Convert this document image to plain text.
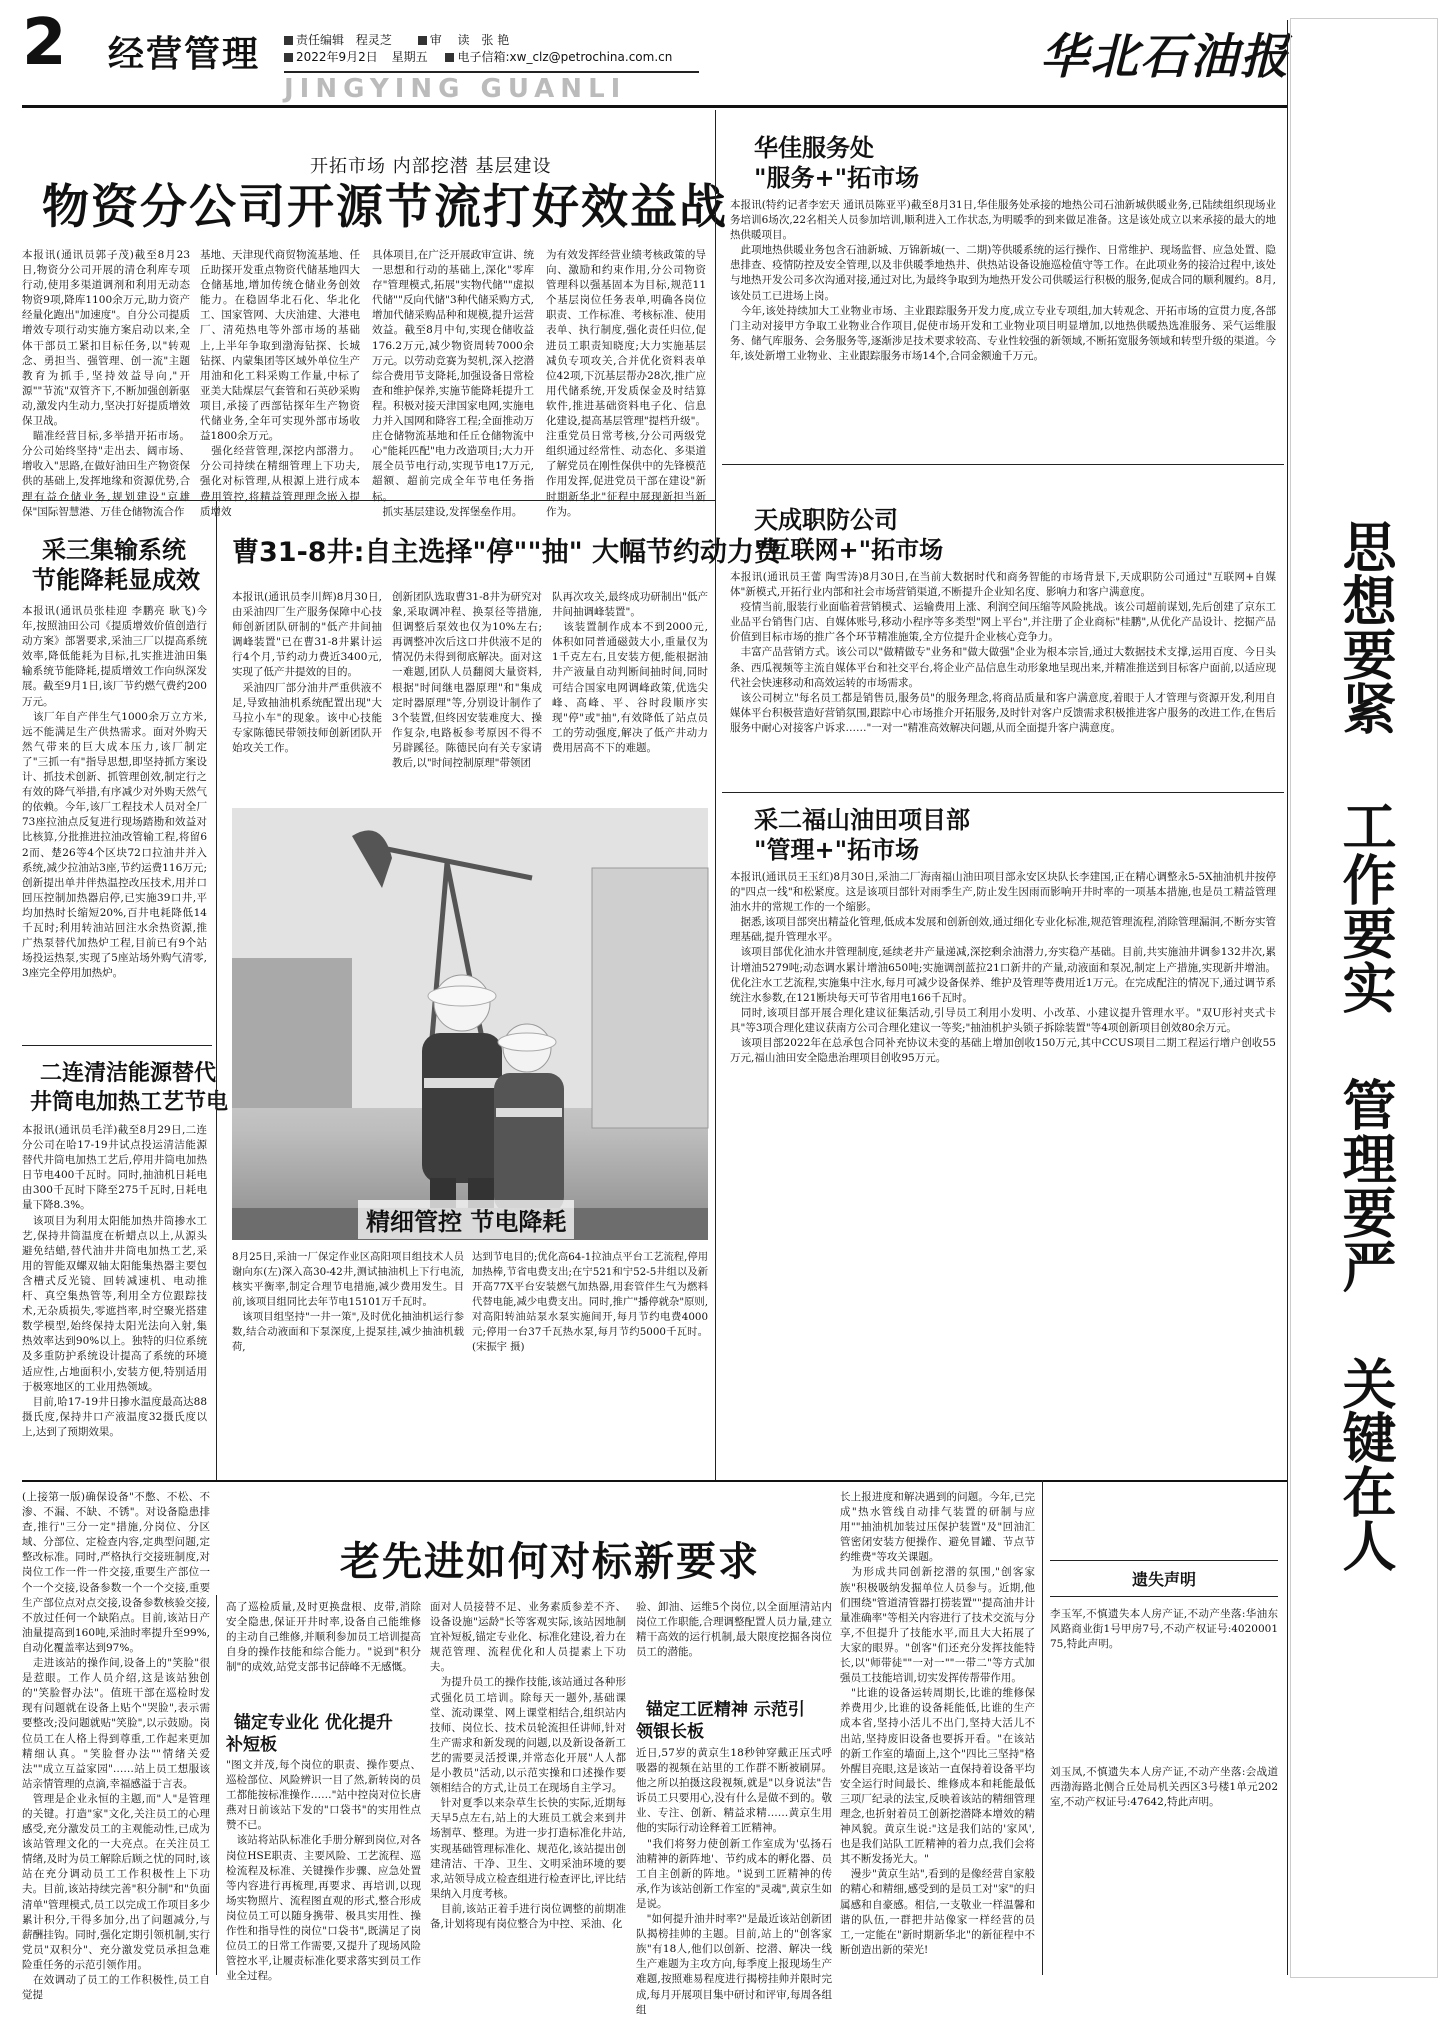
2 经营管理	责任编辑 程灵芝	审 读 张 艳
2022年9月2日 星期五 电子信箱:xw_clz@petrochina.com.cn
JINGYING GUANLI
华北石油报
思想要紧 工作要实 管理要严 关键在人
开拓市场 内部挖潜 基层建设
物资分公司开源节流打好效益战
本报讯(通讯员郭子茂)截至8月23日,物资分公司开展的清仓利库专项行动,使用多渠道调剂和利用无动态物资9项,降库1100余万元,助力资产经量化跑出"加速度"。自分公司提质增效专项行动实施方案启动以来,全体干部员工紧扣目标任务,以"转观念、勇担当、强管理、创一流"主题教育为抓手,坚持效益导向,"开源""节流"双管齐下,不断加强创新驱动,激发内生动力,坚决打好提质增效保卫战。
　瞄准经营目标,多举措开拓市场。分公司始终坚持"走出去、阔市场、增收入"思路,在做好油田生产物资保供的基础上,发挥地缘和资源优势,合理有益仓储业务,规划建设"京雄保"国际智慧港、万佳仓储物流合作
基地、天津现代商贸物流基地、任丘助探开发重点物资代储基地四大仓储基地,增加传统仓储业务创效能力。在稳固华北石化、华北化工、国家管网、大庆油建、大港电厂、清苑热电等外部市场的基础上,上半年争取到渤海钻探、长城钻探、内蒙集团等区域外单位生产用油和化工料采购工作量,中标了亚美大陆煤层气套管和石英砂采购项目,承接了西部钻探年生产物资代储业务,全年可实现外部市场收益1800余万元。
　强化经营管理,深挖内部潜力。分公司持续在精细管理上下功夫,强化对标管理,从根源上进行成本费用管控,将精益管理理念嵌入提质增效
具体项目,在广泛开展政审宣讲、统一思想和行动的基础上,深化"零库存"管理模式,拓展"实物代储""虚拟代储""反向代储"3种代储采购方式,增加代储采购品种和规模,提升运营效益。截至8月中旬,实现仓储收益176.2万元,减少物资周转7000余万元。以劳动竞赛为契机,深入挖潜综合费用节支降耗,加强设备日常检查和维护保养,实施节能降耗提升工程。积极对接天津国家电网,实施电力并入国网和降容工程;全面推动万庄仓储物流基地和任丘仓储物流中心"能耗匹配"电力改造项目;大力开展全员节电行动,实现节电17万元,超额、超前完成全年节电任务指标。
　抓实基层建设,发挥堡垒作用。
为有效发挥经营业绩考核政策的导向、激励和约束作用,分公司物资管理科以强基固本为目标,规范11个基层岗位任务表单,明确各岗位职责、工作标准、考核标准、使用表单、执行制度,强化责任归位,促进员工职责知晓度;大力实施基层减负专项攻关,合并优化资料表单位42项,下沉基层帮办28次,推广应用代储系统,开发质保金及时结算软件,推进基础资料电子化、信息化建设,提高基层管理"提档升级"。注重党员日常考核,分公司两级党组织通过经常性、动态化、多渠道了解党员在刚性保供中的先锋模范作用发挥,促进党员干部在建设"新时期新华北"征程中展现新担当新作为。
采三集输系统
节能降耗显成效
本报讯(通讯员张桂迎 李鹏亮 耿飞)今年,按照油田公司《提质增效价值创造行动方案》部署要求,采油三厂以提高系统效率,降低能耗为目标,扎实推进油田集输系统节能降耗,提质增效工作向纵深发展。截至9月1日,该厂节约燃气费约200万元。
　该厂年自产伴生气1000余万立方米,远不能满足生产供热需求。面对外购天然气带来的巨大成本压力,该厂制定了"三抓一有"指导思想,即坚持抓方案设计、抓技术创新、抓管理创效,制定行之有效的降气举措,有序减少对外购天然气的依赖。今年,该厂工程技术人员对全厂73座拉油点反复进行现场踏勘和效益对比核算,分批推进拉油改管输工程,将留62而、楚26等4个区块72口拉油井并入系统,减少拉油站3座,节约运费116万元;创新提出单井伴热温控改压技术,用并口回压控制加热器启停,已实施39口井,平均加热时长缩短20%,百井电耗降低14千瓦时;利用转油站回注水余热资源,推广热泵替代加热炉工程,目前已有9个站场投运热泵,实现了5座站场外购气清零,3座完全停用加热炉。
二连清洁能源替代
井筒电加热工艺节电
本报讯(通讯员毛洋)截至8月29日,二连分公司在哈17-19井试点投运清洁能源替代井筒电加热工艺后,停用井筒电加热日节电400千瓦时。同时,抽油机日耗电由300千瓦时下降至275千瓦时,日耗电量下降8.3%。
　该项目为利用太阳能加热井筒掺水工艺,保持井筒温度在析蜡点以上,从源头避免结蜡,替代油井井筒电加热工艺,采用的智能双螺双轴太阳能集热器主要包含槽式反光镜、回转减速机、电动推杆、真空集热管等,利用全方位跟踪技术,无杂质损失,零遮挡率,时空聚光搭建数学模型,始终保持太阳光法向入射,集热效率达到90%以上。独特的归位系统及多重防护系统设计提高了系统的环境适应性,占地面积小,安装方便,特别适用于极寒地区的工业用热领域。
　目前,哈17-19井日掺水温度最高达88摄氏度,保持井口产液温度32摄氏度以上,达到了预期效果。
曹31-8井:自主选择"停""抽" 大幅节约动力费
本报讯(通讯员李川辉)8月30日,由采油四厂生产服务保障中心技师创新团队研制的"低产井间抽调峰装置"已在曹31-8井累计运行4个月,节约动力费近3400元,实现了低产井提效的目的。
　采油四厂部分油井严重供液不足,导致抽油机系统配置出现"大马拉小车"的现象。该中心技能专家陈德民带领技师创新团队开始攻关工作。
创新团队选取曹31-8井为研究对象,采取调冲程、换泵径等措施,但调整后泵效也仅为10%左右;再调整冲次后这口井供液不足的情况仍未得到彻底解决。面对这一难题,团队人员翻阅大量资料,根据"时间继电器原理"和"集成定时器原理"等,分别设计制作了3个装置,但终因安装难度大、操作复杂,电路板参考原因不得不另辟蹊径。陈德民向有关专家请教后,以"时间控制原理"带领团
队再次攻关,最终成功研制出"低产井间抽调峰装置"。
　该装置制作成本不到2000元,体积如同普通磁鼓大小,重量仅为1千克左右,且安装方便,能根据油井产液量自动判断间抽时间,同时可结合国家电网调峰政策,优选尖峰、高峰、平、谷时段顺序实现"停"或"抽",有效降低了站点员工的劳动强度,解决了低产井动力费用居高不下的难题。
精细管控 节电降耗
8月25日,采油一厂保定作业区高阳项目组技术人员谢向东(左)深入高30-42井,测试抽油机上下行电流,核实平衡率,制定合理节电措施,减少费用发生。目前,该项目组同比去年节电15101万千瓦时。
　该项目组坚持"一井一策",及时优化抽油机运行参数,结合动液面和下泵深度,上提泵挂,减少抽油机载荷,
达到节电目的;优化高64-1拉油点平台工艺流程,停用加热棒,节省电费支出;在宁521和宁52-5井组以及新开高77X平台安装燃气加热器,用套管伴生气为燃料代替电能,减少电费支出。同时,推广"播停就杂"原则,对高阳转油站泵水泵实施间开,每月节约电费4000元;停用一台37千瓦热水泵,每月节约5000千瓦时。(宋振宇 摄)
华佳服务处
"服务+"拓市场
本报讯(特约记者李宏天 通讯员陈亚平)截至8月31日,华佳服务处承接的地热公司石油新城供暖业务,已陆续组织现场业务培训6场次,22名相关人员参加培训,顺利进入工作状态,为明暖季的到来做足准备。这是该处成立以来承接的最大的地热供暖项目。
　此项地热供暖业务包含石油新城、万锦新城(一、二期)等供暖系统的运行操作、日常维护、现场监督、应急处置、隐患排查、疫情防控及安全管理,以及非供暖季地热井、供热站设备设施巡检值守等工作。在此项业务的接洽过程中,该处与地热开发公司多次沟通对接,通过对比,为最终争取到为地热开发公司供暖运行积极的服务,促成合同的顺利履约。8月,该处员工已进场上岗。
　今年,该处持续加大工业物业市场、主业跟踪服务开发力度,成立专业专项组,加大转观念、开拓市场的宣贯力度,各部门主动对接甲方争取工业物业合作项目,促使市场开发和工业物业项目明显增加,以地热供暖热选准服务、采气运维服务、储气库服务、会务服务等,逐渐涉足技术要求较高、专业性较强的新领域,不断拓宽服务领域和转型升级的渠道。今年,该处新增工业物业、主业跟踪服务市场14个,合同金额逾千万元。
天成职防公司
"互联网+"拓市场
本报讯(通讯员王蕾 陶雪涛)8月30日,在当前大数据时代和商务智能的市场背景下,天成职防公司通过"互联网+自媒体"新模式,开拓行业内部和社会市场营销渠道,不断提升企业知名度、影响力和客户满意度。
　疫情当前,服装行业面临着营销模式、运输费用上涨、利润空间压缩等风险挑战。该公司超前谋划,先后创建了京东工业品平台销售门店、自媒体账号,移动小程序等多类型"网上平台",并注册了企业商标"桂鹏",从优化产品设计、挖掘产品价值到目标市场的推广各个环节精准施策,全方位提升企业核心竞争力。
　丰富产品营销方式。该公司以"做精做专"业务和"做大做强"企业为根本宗旨,通过大数据技术支撑,运用百度、今日头条、西瓜视频等主流自媒体平台和社交平台,将企业产品信息生动形象地呈现出来,并精准推送到目标客户面前,以适应现代社会快速移动和高效运转的市场需求。
　该公司树立"每名员工都是销售员,服务员"的服务理念,将商品质量和客户满意度,着眼于人才管理与资源开发,利用自媒体平台积极营造好营销氛围,跟踪中心市场推介开拓服务,及时针对客户反馈需求积极推进客户服务的改进工作,在售后服务中耐心对接客户诉求……"一对一"精准高效解决问题,从而全面提升客户满意度。
采二福山油田项目部
"管理+"拓市场
本报讯(通讯员王玉红)8月30日,采油二厂海南福山油田项目部永安区块队长李建国,正在精心调整永5-5X抽油机井按停的"四点一线"和松紧度。这是该项目部针对雨季生产,防止发生因雨而影响开井时率的一项基本措施,也是员工精益管理油水井的常规工作的一个缩影。
　据悉,该项目部突出精益化管理,低成本发展和创新创效,通过细化专业化标准,规范管理流程,消除管理漏洞,不断夯实管理基础,提升管理水平。
　该项目部优化油水井管理制度,延续老井产量递减,深挖剩余油潜力,夯实稳产基础。目前,共实施油井调参132井次,累计增油5279吨;动态调水累计增油650吨;实施调剖蓝拉21口新井的产量,动液面和泵况,制定上产措施,实现新井增油。优化注水工艺流程,实施集中注水,每月可减少设备保养、维护及管理等费用近1万元。在完成配注的情况下,通过调节系统注水参数,在121断块每天可节省用电166千瓦时。
　同时,该项目部开展合理化建议征集活动,引导员工利用小发明、小改革、小建议提升管理水平。"双U形衬夹式卡具"等3项合理化建议获南方公司合理化建议一等奖;"抽油机护头锁子拆除装置"等4项创新项目创效80余万元。
　该项目部2022年在总承包合同补充协议未变的基础上增加创收150万元,其中CCUS项目二期工程运行增户创收55万元,福山油田安全隐患治理项目创收95万元。
老先进如何对标新要求
(上接第一版)确保设备"不憋、不松、不渗、不漏、不缺、不锈"。对设备隐患排查,推行"三分一定"措施,分岗位、分区域、分部位、定检查内容,定典型问题,定整改标准。同时,严格执行交接班制度,对岗位工作一件一件交接,重要生产部位一个一个交接,设备参数一个一个交接,重要生产部位点对点交接,设备参数核验交接,不放过任何一个缺陷点。目前,该站日产油量提高到160吨,采油时率提升至99%,自动化覆盖率达到97%。
　走进该站的操作间,设备上的"笑脸"很是惹眼。工作人员介绍,这是该站独创的"笑脸督办法"。值班干部在巡检时发现有问题就在设备上贴个"哭脸",表示需要整改;没问题就贴"笑脸",以示鼓励。岗位员工在人格上得到尊重,工作起来更加精细认真。"笑脸督办法""情绪关爱法""成立互益家园"……站上员工想服该站亲情管理的点滴,幸福感溢于言表。
　管理是企业永恒的主题,而"人"是管理的关键。打造"家"文化,关注员工的心理感受,充分激发员工的主观能动性,已成为该站管理文化的一大亮点。在关注员工情绪,及时为员工解除后顾之忧的同时,该站在充分调动员工工作积极性上下功夫。目前,该站持续完善"积分制"和"负面清单"管理模式,员工以完成工作项目多少累计积分,干得多加分,出了问题减分,与薪酬挂钩。同时,强化定期引领机制,实行党员"双积分"、充分激发党员承担急难险重任务的示范引领作用。
　在效调动了员工的工作积极性,员工自觉提
高了巡检质量,及时更换盘根、皮带,消除安全隐患,保证开井时率,设备自己能维修的主动自己维修,并顺利参加员工培训提高自身的操作技能和综合能力。"说到"积分制"的成效,站党支部书记薛峰不无感慨。
锚定专业化 优化提升
补短板
"图文并茂,每个岗位的职责、操作要点、巡检部位、风险辨识一目了然,新转岗的员工都能按标准操作……"站中控岗对位长唐燕对日前该站下发的"口袋书"的实用性点赞不已。
　该站将站队标准化手册分解到岗位,对各岗位HSE职责、主要风险、工艺流程、巡检流程及标准、关键操作步骤、应急处置等内容进行再梳理,再要求、再培训,以现场实物照片、流程图直观的形式,整合形成岗位员工可以随身携带、极具实用性、操作性和指导性的岗位"口袋书",既满足了岗位员工的日常工作需要,又提升了现场风险管控水平,让履责标准化要求落实到员工作业全过程。
面对人员接替不足、业务素质参差不齐、设备设施"运龄"长等客观实际,该站因地制宜补短板,锚定专业化、标准化建设,着力在规范管理、流程优化和人员提素上下功夫。
　为提升员工的操作技能,该站通过各种形式强化员工培训。除每天一题外,基础课堂、流动课堂、网上课堂相结合,组织站内技师、岗位长、技术员轮流担任讲师,针对生产需求和新发现的问题,以及新设备新工艺的需要灵活授课,并常态化开展"人人都是小教员"活动,以示范实操和口述操作要领相结合的方式,让员工在现场自主学习。
　针对夏季以来杂草生长快的实际,近期每天早5点左右,站上的大班员工就会来到井场割草、整理。为进一步打造标准化井站,实现基础管理标准化、规范化,该站提出创建清洁、干净、卫生、文明采油环境的要求,站领导成立检查组进行检查评比,评比结果纳入月度考核。
　目前,该站正着手进行岗位调整的前期准备,计划将现有岗位整合为中控、采油、化
验、卸油、运维5个岗位,以全面厘清站内岗位工作职能,合理调整配置人员力量,建立精干高效的运行机制,最大限度挖掘各岗位员工的潜能。
锚定工匠精神 示范引
领银长板
近日,57岁的黄京生18秒钟穿戴正压式呼吸器的视频在站里的工作群不断被刷屏。他之所以拍摄这段视频,就是"以身说法"告诉员工只要用心,没有什么是做不到的。敬业、专注、创新、精益求精……黄京生用他的实际行动诠释着工匠精神。
　"我们将努力使创新工作室成为'弘扬石油精神的新阵地'、节约成本的孵化器、员工自主创新的阵地。"说到工匠精神的传承,作为该站创新工作室的"灵魂",黄京生如是说。
　"如何提升油井时率?"是最近该站创新团队揭榜挂帅的主题。目前,站上的"创客家族"有18人,他们以创新、挖潜、解决一线生产难题为主攻方向,每季度上报现场生产难题,按照难易程度进行揭榜挂帅并限时完成,每月开展项目集中研讨和评审,每周各组组
长上报进度和解决遇到的问题。今年,已完成"热水管线自动排气装置的研制与应用""抽油机加装过压保护装置"及"回油汇管密闭安装方便操作、避免冒罐、节点节约维费"等攻关课题。
　为形成共同创新挖潜的氛围,"创客家族"积极吸纳发掘单位人员参与。近期,他们围绕"管道清管器打捞装置""提高油井计量准确率"等相关内容进行了技术交流与分享,不但提升了技能水平,而且大大拓展了大家的眼界。"创客"们还充分发挥技能特长,以"师带徒""一对一""一带二"等方式加强员工技能培训,切实发挥传帮带作用。
　"比谁的设备运转周期长,比谁的维修保养费用少,比谁的设备耗能低,比谁的生产成本省,坚持小活儿不出门,坚持大活儿不出站,坚持废旧设备也要拆开看。"在该站的新工作室的墙面上,这个"四比三坚持"格外醒目亮眼,这是该站一直保持着设备平均安全运行时间最长、维修成本和耗能最低三项厂纪录的法宝,反映着该站的精细管理理念,也折射着员工创新挖潜降本增效的精神风貌。黄京生说:"这是我们站的'家风',也是我们站队工匠精神的着力点,我们会将其不断发扬光大。"
　漫步"黄京生站",看到的是像经营自家般的精心和精细,感受到的是员工对"家"的归属感和自豪感。相信,一支敬业一样温馨和谐的队伍,一群把井站像家一样经营的员工,一定能在"新时期新华北"的新征程中不断创造出新的荣光!
遗失声明
李玉军,不慎遗失本人房产证,不动产坐落:华油东风路商业街1号甲房7号,不动产权证号:402000175,特此声明。
刘玉凤,不慎遗失本人房产证,不动产坐落:会战道西渤海路北侧合丘处局机关西区3号楼1单元202室,不动产权证号:47642,特此声明。
